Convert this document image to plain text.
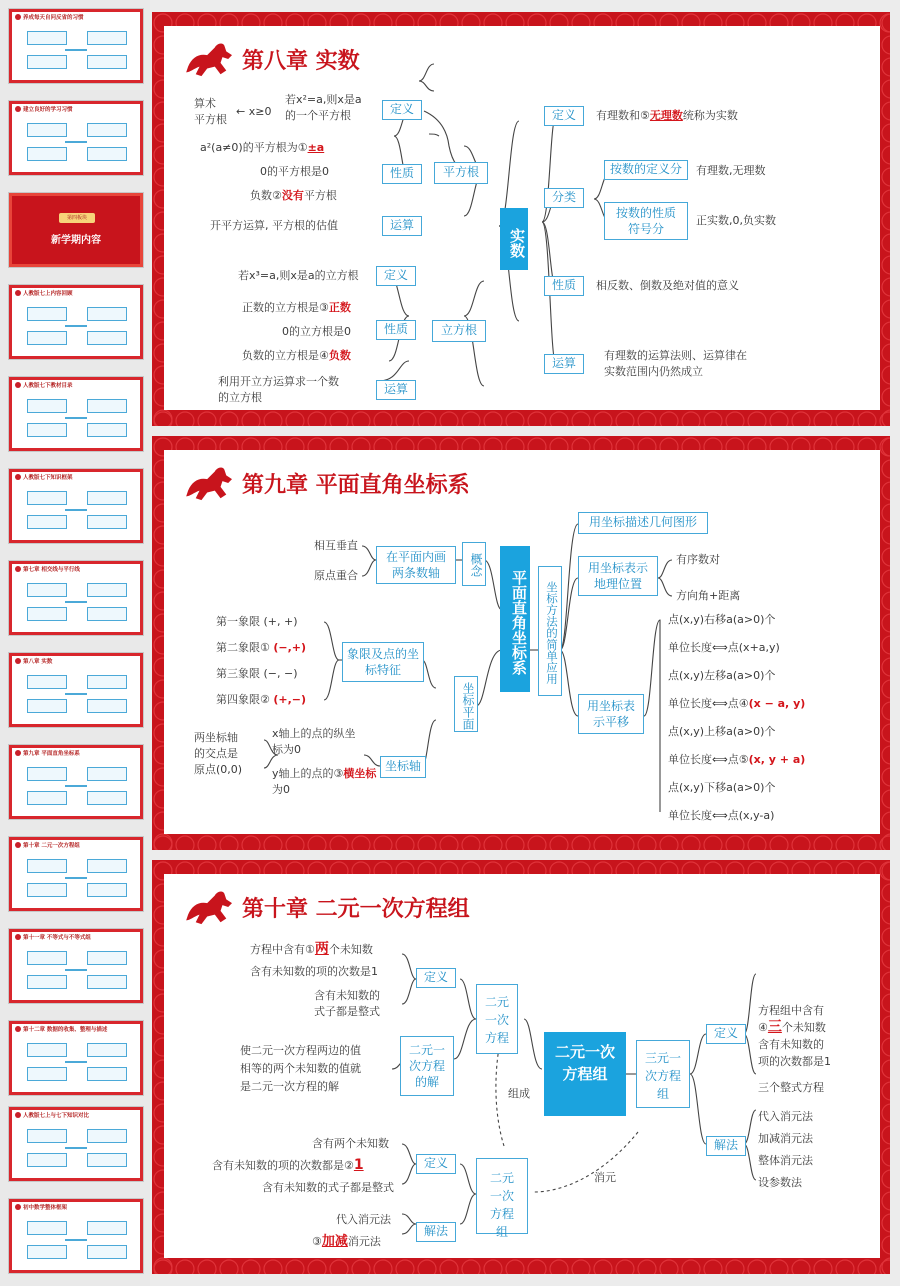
养成每天自问反省的习惯
建立良好的学习习惯
第四板块
新学期内容
人教版七上内容回顾
人教版七下教材目录
人教版七下知识框架
第七章 相交线与平行线
第八章 实数
第九章 平面直角坐标系
第十章 二元一次方程组
第十一章 不等式与不等式组
第十二章 数据的收集、整理与描述
人教版七上与七下知识对比
初中数学整体框架
第八章 实数
算术
平方根
← x≥0
若x²=a,则x是a
的一个平方根	定义
a²(a≠0)的平方根为①±a
0的平方根是0
负数②没有平方根
性质
开平方运算, 平方根的估值	运算
平方根
若x³=a,则x是a的立方根	定义
正数的立方根是③正数
0的立方根是0
负数的立方根是④负数
性质
利用开立方运算求一个数
的立方根
运算
立方根
实数
定义	有理数和⑤无理数统称为实数
分类
按数的定义分	有理数,无理数
按数的性质
符号分
正实数,0,负实数
性质	相反数、倒数及绝对值的意义
运算
有理数的运算法则、运算律在
实数范围内仍然成立
第九章 平面直角坐标系
相互垂直
原点重合
在平面内画两条数轴	概念
第一象限 (+, +)
第二象限① (−,+)
第三象限 (−, −)
第四象限② (+,−)
象限及点的坐标特征
两坐标轴
的交点是
原点(0,0)
x轴上的点的纵坐
标为0
y轴上的点的③横坐标
为0
坐标轴
坐标平面
平面直角坐标系	坐标方法的简单应用
用坐标描述几何图形
用坐标表示地理位置
有序数对
方向角+距离
用坐标表示平移
点(x,y)右移a(a>0)个
单位长度⟺点(x+a,y)
点(x,y)左移a(a>0)个
单位长度⟺点④(x − a, y)
点(x,y)上移a(a>0)个
单位长度⟺点⑤(x, y + a)
点(x,y)下移a(a>0)个
单位长度⟺点(x,y-a)
第十章 二元一次方程组
方程中含有①两个未知数
含有未知数的项的次数是1
含有未知数的
式子都是整式
定义
二元一次方程
使二元一次方程两边的值
相等的两个未知数的值就
是二元一次方程的解
二元一次方程的解
组成
消元
含有两个未知数
含有未知数的项的次数都是②1
含有未知数的式子都是整式
定义
代入消元法
③加减消元法
解法
二元一次方程组
二元一次方程组
三元一次方程组
定义
方程组中含有
④三个未知数
含有未知数的
项的次数都是1
三个整式方程
解法
代入消元法
加减消元法
整体消元法
设参数法
